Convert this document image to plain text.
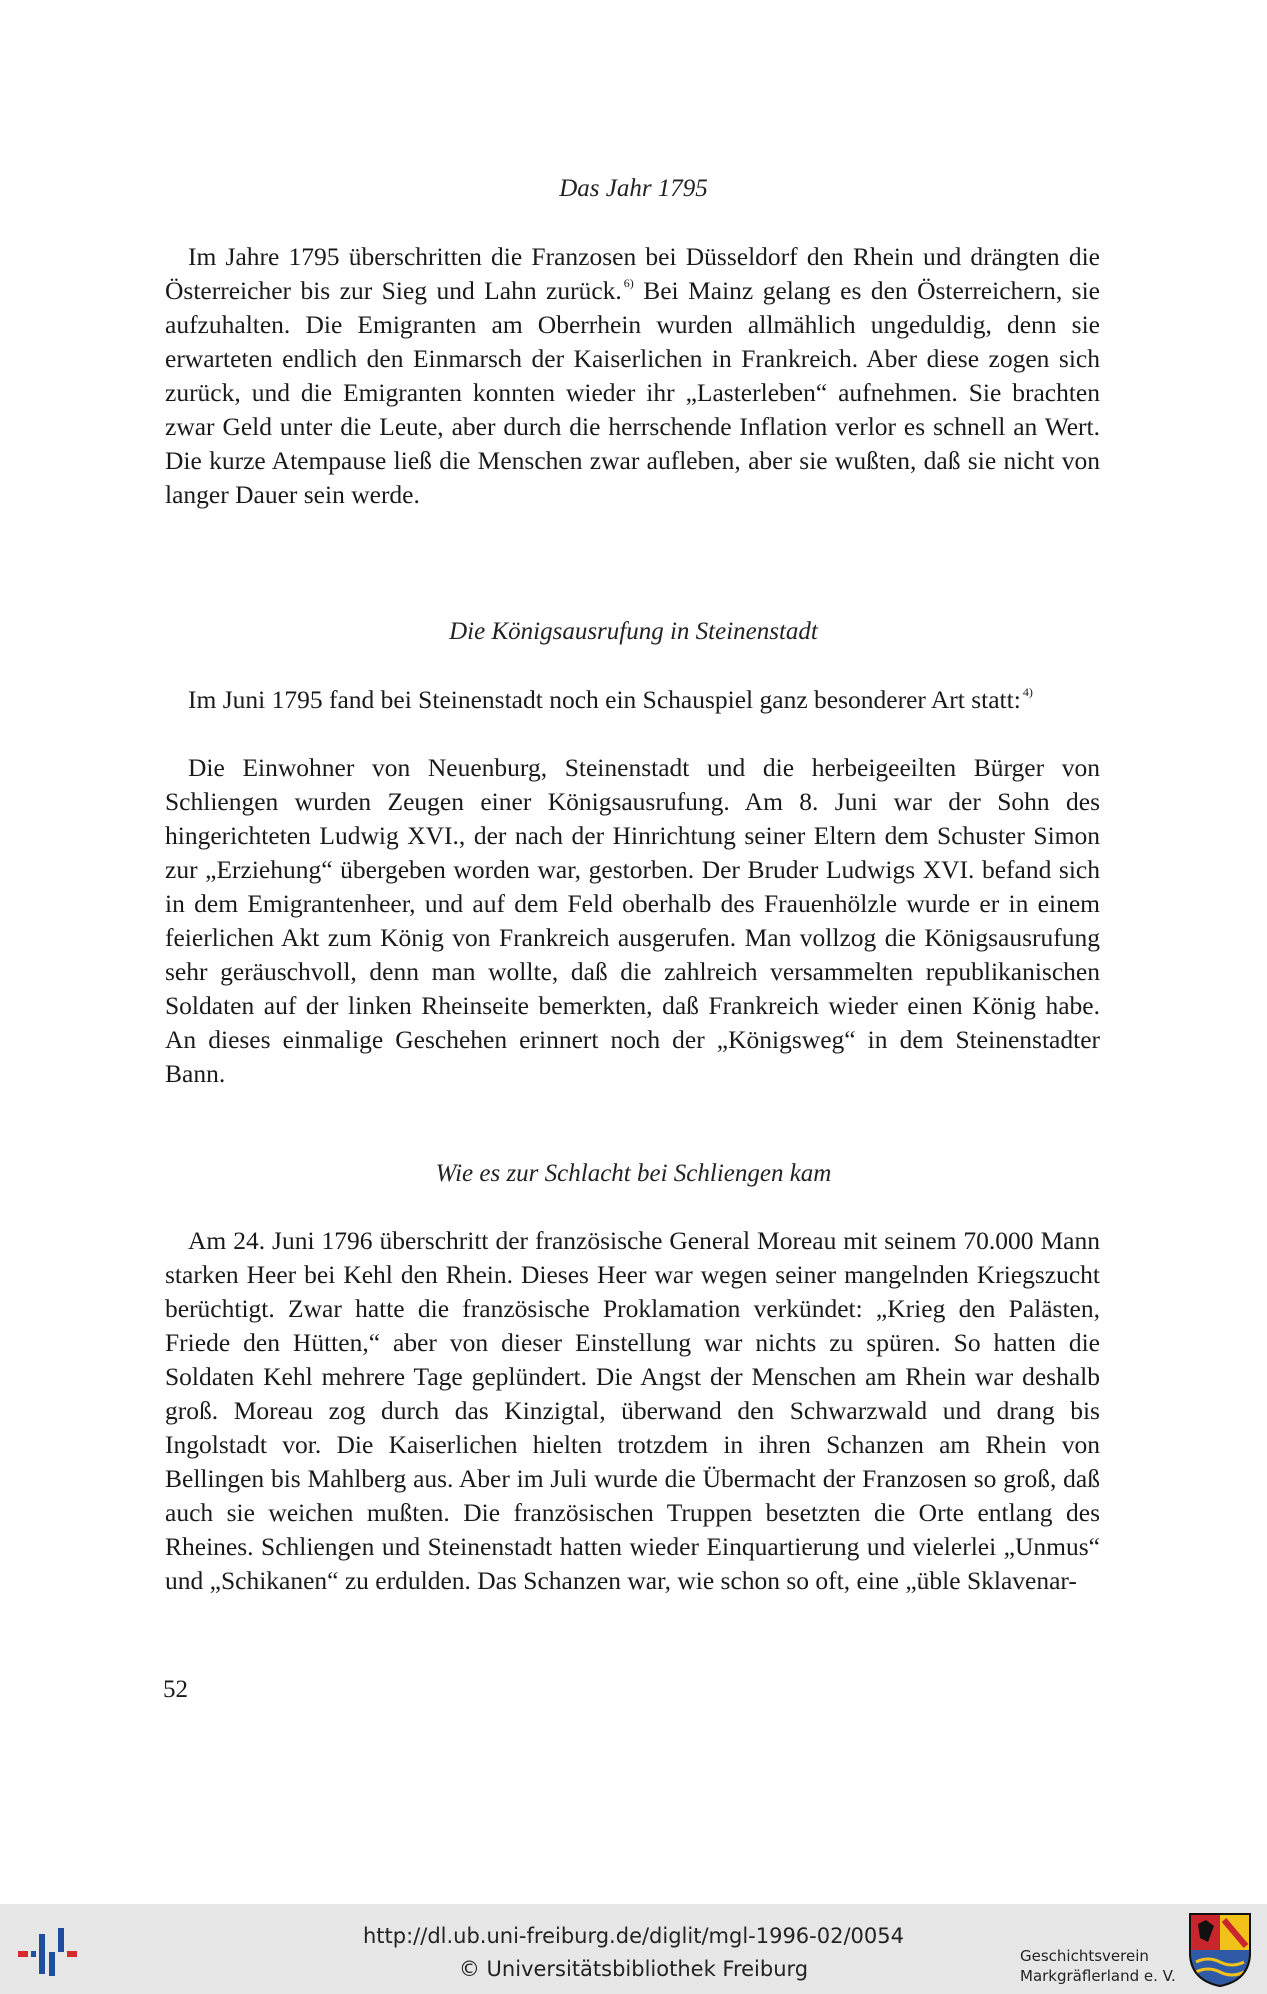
Das Jahr 1795
Im Jahre 1795 überschritten die Franzosen bei Düsseldorf den Rhein und drängten die Österreicher bis zur Sieg und Lahn zurück. $^{6)}$ Bei Mainz gelang es den Österreichern, sie aufzuhalten. Die Emigranten am Oberrhein wurden allmählich ungeduldig, denn sie erwarteten endlich den Einmarsch der Kaiserlichen in Frankreich. Aber diese zogen sich zurück, und die Emigranten konnten wieder ihr „Lasterleben“ aufnehmen. Sie brachten zwar Geld unter die Leute, aber durch die herrschende Inflation verlor es schnell an Wert. Die kurze Atempause ließ die Menschen zwar aufleben, aber sie wußten, daß sie nicht von langer Dauer sein werde.
Die Königsausrufung in Steinenstadt
Im Juni 1795 fand bei Steinenstadt noch ein Schauspiel ganz besonderer Art statt: $^{4)}$
Die Einwohner von Neuenburg, Steinenstadt und die herbeigeeilten Bürger von Schliengen wurden Zeugen einer Königsausrufung. Am 8. Juni war der Sohn des hingerichteten Ludwig XVI., der nach der Hinrichtung seiner Eltern dem Schuster Simon zur „Erziehung“ übergeben worden war, gestorben. Der Bruder Ludwigs XVI. befand sich in dem Emigrantenheer, und auf dem Feld oberhalb des Frauenhölzle wurde er in einem feierlichen Akt zum König von Frankreich ausgerufen. Man vollzog die Königsausrufung sehr geräuschvoll, denn man wollte, daß die zahlreich versammelten republikanischen Soldaten auf der linken Rheinseite bemerkten, daß Frankreich wieder einen König habe. An dieses einmalige Geschehen erinnert noch der „Königsweg“ in dem Steinenstadter Bann.
Wie es zur Schlacht bei Schliengen kam
Am 24. Juni 1796 überschritt der französische General Moreau mit seinem 70.000 Mann starken Heer bei Kehl den Rhein. Dieses Heer war wegen seiner mangelnden Kriegszucht berüchtigt. Zwar hatte die französische Proklamation verkündet: „Krieg den Palästen, Friede den Hütten,“ aber von dieser Einstellung war nichts zu spüren. So hatten die Soldaten Kehl mehrere Tage geplündert. Die Angst der Menschen am Rhein war deshalb groß. Moreau zog durch das Kinzigtal, überwand den Schwarzwald und drang bis Ingolstadt vor. Die Kaiserlichen hielten trotzdem in ihren Schanzen am Rhein von Bellingen bis Mahlberg aus. Aber im Juli wurde die Übermacht der Franzosen so groß, daß auch sie weichen mußten. Die französischen Truppen besetzten die Orte entlang des Rheines. Schliengen und Steinenstadt hatten wieder Einquartierung und vielerlei „Unmus“ und „Schikanen“ zu erdulden. Das Schanzen war, wie schon so oft, eine „üble Sklavenar-
52
http://dl.ub.uni-freiburg.de/diglit/mgl-1996-02/0054
© Universitätsbibliothek Freiburg
Geschichtsverein
Markgräflerland e. V.
